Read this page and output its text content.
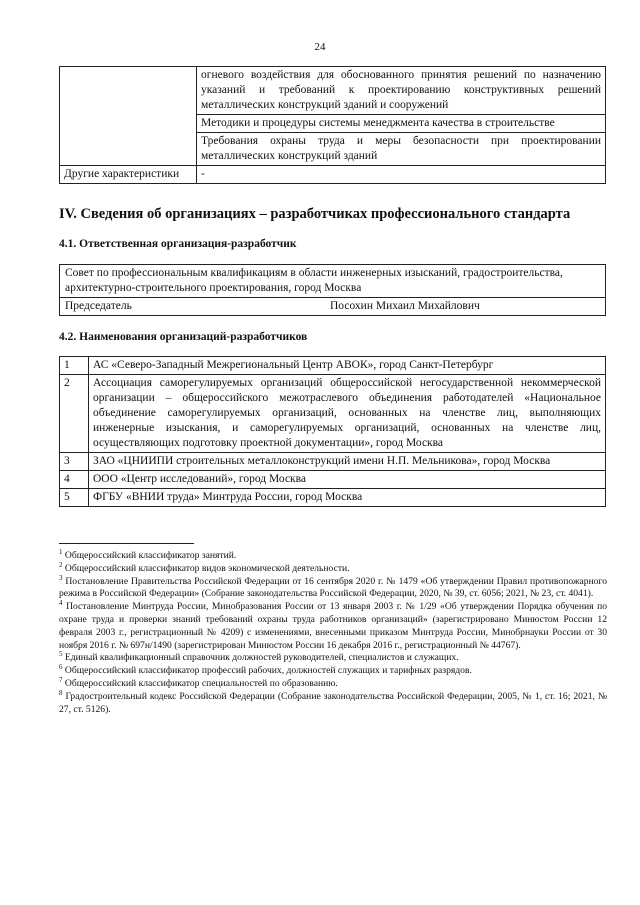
24
	огневого воздействия для обоснованного принятия решений по назначению указаний и требований к проектированию конструктивных решений металлических конструкций зданий и сооружений
	Методики и процедуры системы менеджмента качества в строительстве
	Требования охраны труда и меры безопасности при проектировании металлических конструкций зданий
Другие характеристики	-
IV. Сведения об организациях – разработчиках профессионального стандарта
4.1. Ответственная организация-разработчик
Совет по профессиональным квалификациям в области инженерных изысканий, градостроительства, архитектурно-строительного проектирования, город Москва
Председатель	Посохин Михаил Михайлович
4.2. Наименования организаций-разработчиков
1	АС «Северо-Западный Межрегиональный Центр АВОК», город Санкт-Петербург
2	Ассоциация саморегулируемых организаций общероссийской негосударственной некоммерческой организации – общероссийского межотраслевого объединения работодателей «Национальное объединение саморегулируемых организаций, основанных на членстве лиц, выполняющих инженерные изыскания, и саморегулируемых организаций, основанных на членстве лиц, осуществляющих подготовку проектной документации», город Москва
3	ЗАО «ЦНИИПИ строительных металлоконструкций имени Н.П. Мельникова», город Москва
4	ООО «Центр исследований», город Москва
5	ФГБУ «ВНИИ труда» Минтруда России, город Москва
$^1$ Общероссийский классификатор занятий.
$^2$ Общероссийский классификатор видов экономической деятельности.
$^3$ Постановление Правительства Российской Федерации от 16 сентября 2020 г. № 1479 «Об утверждении Правил противопожарного режима в Российской Федерации» (Собрание законодательства Российской Федерации, 2020, № 39, ст. 6056; 2021, № 23, ст. 4041).
$^4$ Постановление Минтруда России, Минобразования России от 13 января 2003 г. № 1/29 «Об утверждении Порядка обучения по охране труда и проверки знаний требований охраны труда работников организаций» (зарегистрировано Минюстом России 12 февраля 2003 г., регистрационный № 4209) с изменениями, внесенными приказом Минтруда России, Минобрнауки России от 30 ноября 2016 г. № 697н/1490 (зарегистрирован Минюстом России 16 декабря 2016 г., регистрационный № 44767).
$^5$ Единый квалификационный справочник должностей руководителей, специалистов и служащих.
$^6$ Общероссийский классификатор профессий рабочих, должностей служащих и тарифных разрядов.
$^7$ Общероссийский классификатор специальностей по образованию.
$^8$ Градостроительный кодекс Российской Федерации (Собрание законодательства Российской Федерации, 2005, № 1, ст. 16; 2021, № 27, ст. 5126).
